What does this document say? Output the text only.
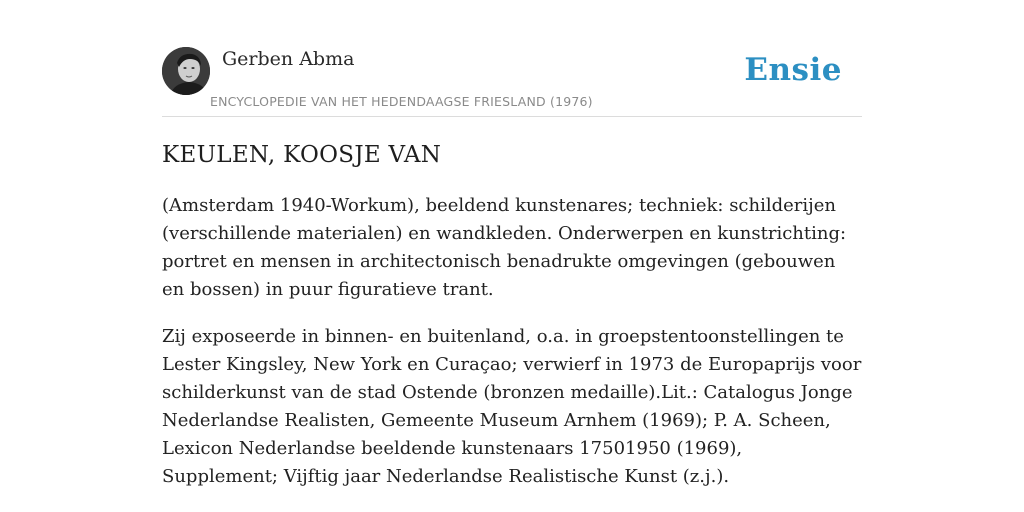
Gerben Abma
ENCYCLOPEDIE VAN HET HEDENDAAGSE FRIESLAND (1976)
Ensie
KEULEN, KOOSJE VAN

(Amsterdam 1940-Workum), beeldend kunstenares; techniek: schilderijen (verschillende materialen) en wandkleden. Onderwerpen en kunstrichting: portret en mensen in architectonisch benadrukte omgevingen (gebouwen en bossen) in puur figuratieve trant.

Zij exposeerde in binnen- en buitenland, o.a. in groepstentoonstellingen te Lester Kingsley, New York en Curaçao; verwierf in 1973 de Europaprijs voor schilderkunst van de stad Ostende (bronzen medaille).Lit.: Catalogus Jonge Nederlandse Realisten, Gemeente Museum Arnhem (1969); P. A. Scheen, Lexicon Nederlandse beeldende kunstenaars 17501950 (1969), Supplement; Vijftig jaar Nederlandse Realistische Kunst (z.j.).
